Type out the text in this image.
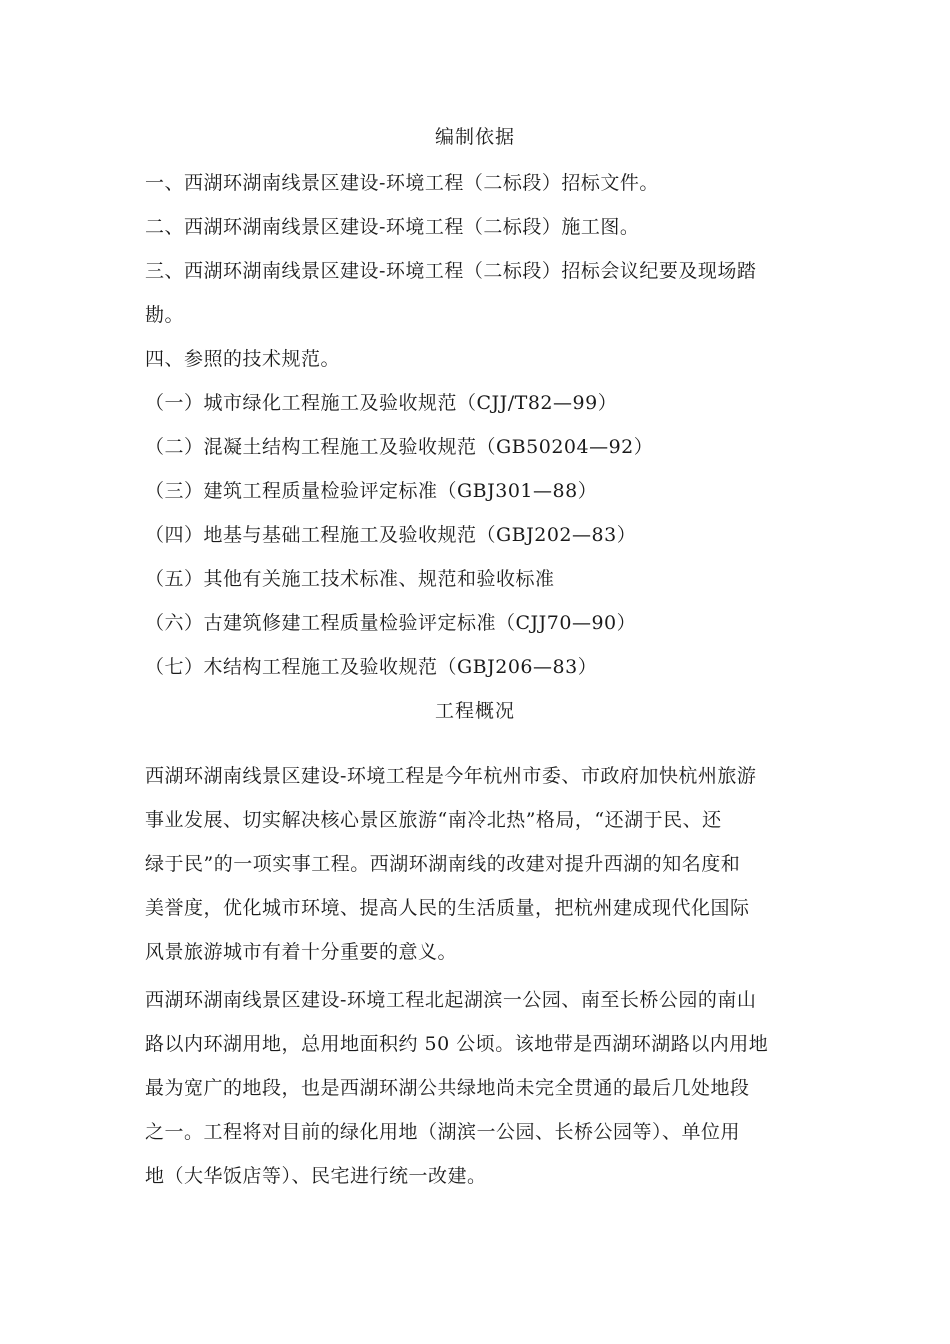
编制依据
一、西湖环湖南线景区建设-环境工程（二标段）招标文件。
二、西湖环湖南线景区建设-环境工程（二标段）施工图。
三、西湖环湖南线景区建设-环境工程（二标段）招标会议纪要及现场踏
勘。
四、参照的技术规范。
（一）城市绿化工程施工及验收规范（CJJ/T82—99）
（二）混凝土结构工程施工及验收规范（GB50204—92）
（三）建筑工程质量检验评定标准（GBJ301—88）
（四）地基与基础工程施工及验收规范（GBJ202—83）
（五）其他有关施工技术标准、规范和验收标准
（六）古建筑修建工程质量检验评定标准（CJJ70—90）
（七）木结构工程施工及验收规范（GBJ206—83）
工程概况
西湖环湖南线景区建设-环境工程是今年杭州市委、市政府加快杭州旅游
事业发展、切实解决核心景区旅游“南冷北热”格局，“还湖于民、还
绿于民”的一项实事工程。西湖环湖南线的改建对提升西湖的知名度和
美誉度，优化城市环境、提高人民的生活质量，把杭州建成现代化国际
风景旅游城市有着十分重要的意义。
西湖环湖南线景区建设-环境工程北起湖滨一公园、南至长桥公园的南山
路以内环湖用地，总用地面积约 50 公顷。该地带是西湖环湖路以内用地
最为宽广的地段，也是西湖环湖公共绿地尚未完全贯通的最后几处地段
之一。工程将对目前的绿化用地（湖滨一公园、长桥公园等）、单位用
地（大华饭店等）、民宅进行统一改建。
